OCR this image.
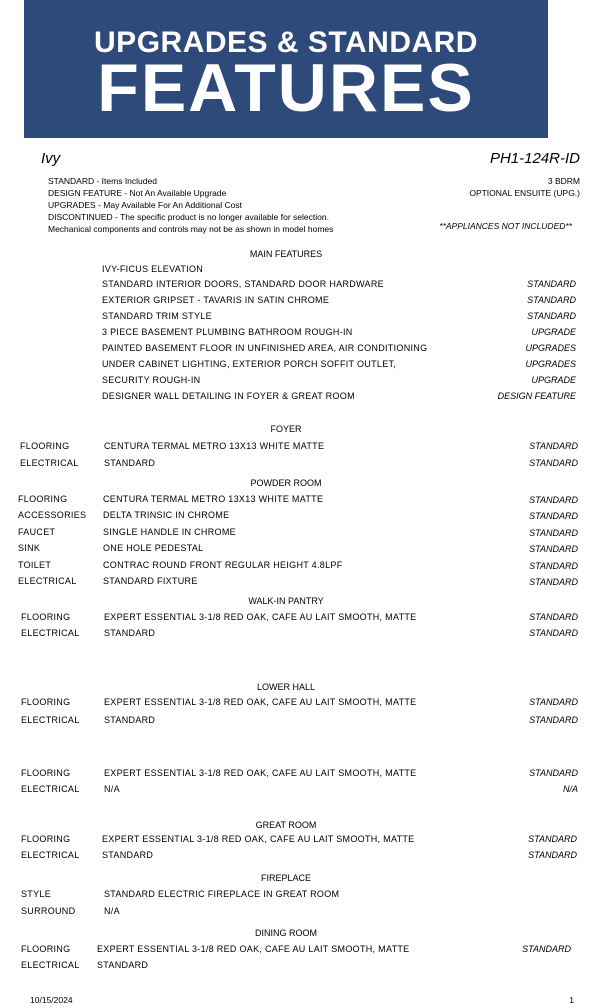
UPGRADES & STANDARD
FEATURES
Ivy	PH1-124R-ID
STANDARD - Items Included
DESIGN FEATURE - Not An Available Upgrade
UPGRADES - May Available For An Additional Cost
DISCONTINUED - The specific product is no longer available for selection.
Mechanical components and controls may not be as shown in model homes
3 BDRM
OPTIONAL ENSUITE (UPG.)
**APPLIANCES NOT INCLUDED**
MAIN FEATURES
IVY-FICUS ELEVATION
STANDARD INTERIOR DOORS, STANDARD DOOR HARDWARE	STANDARD
EXTERIOR GRIPSET - TAVARIS IN SATIN CHROME	STANDARD
STANDARD TRIM STYLE	STANDARD
3 PIECE BASEMENT PLUMBING BATHROOM ROUGH-IN	UPGRADE
PAINTED BASEMENT FLOOR IN UNFINISHED AREA, AIR CONDITIONING	UPGRADES
UNDER CABINET LIGHTING, EXTERIOR PORCH SOFFIT OUTLET,	UPGRADES
SECURITY ROUGH-IN	UPGRADE
DESIGNER WALL DETAILING IN FOYER & GREAT ROOM	DESIGN FEATURE
FOYER
FLOORING	CENTURA TERMAL METRO 13X13 WHITE MATTE	STANDARD
ELECTRICAL	STANDARD	STANDARD
POWDER ROOM
FLOORING	CENTURA TERMAL METRO 13X13 WHITE MATTE	STANDARD
ACCESSORIES DELTA TRINSIC IN CHROME	STANDARD
FAUCET	SINGLE HANDLE IN CHROME	STANDARD
SINK	ONE HOLE PEDESTAL	STANDARD
TOILET	CONTRAC ROUND FRONT REGULAR HEIGHT 4.8LPF	STANDARD
ELECTRICAL	STANDARD FIXTURE	STANDARD
WALK-IN PANTRY
FLOORING	EXPERT ESSENTIAL 3-1/8 RED OAK, CAFE AU LAIT SMOOTH, MATTE	STANDARD
ELECTRICAL	STANDARD	STANDARD
LOWER HALL
FLOORING	EXPERT ESSENTIAL 3-1/8 RED OAK, CAFE AU LAIT SMOOTH, MATTE	STANDARD
ELECTRICAL	STANDARD	STANDARD
FLOORING	EXPERT ESSENTIAL 3-1/8 RED OAK, CAFE AU LAIT SMOOTH, MATTE	STANDARD
ELECTRICAL	N/A	N/A
GREAT ROOM
FLOORING	EXPERT ESSENTIAL 3-1/8 RED OAK, CAFE AU LAIT SMOOTH, MATTE	STANDARD
ELECTRICAL STANDARD	STANDARD
FIREPLACE
STYLE	STANDARD ELECTRIC FIREPLACE IN GREAT ROOM
SURROUND	N/A
DINING ROOM
FLOORING	EXPERT ESSENTIAL 3-1/8 RED OAK, CAFE AU LAIT SMOOTH, MATTE	STANDARD
ELECTRICAL STANDARD
10/15/2024	1
